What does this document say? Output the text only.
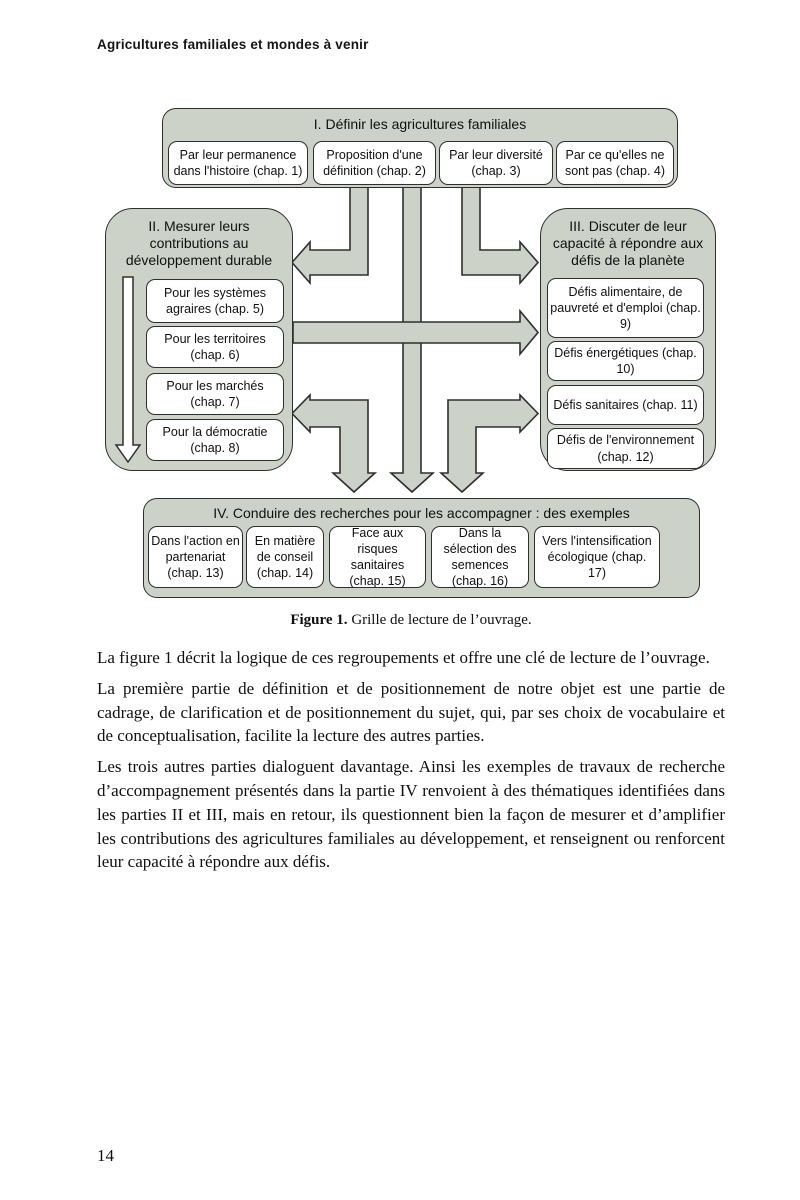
Agricultures familiales et mondes à venir
I. Définir les agricultures familiales
Par leur permanence dans l'histoire (chap. 1)
Proposition d'une définition (chap. 2)
Par leur diversité (chap. 3)
Par ce qu'elles ne sont pas (chap. 4)
II. Mesurer leurs contributions au développement durable
Pour les systèmes agraires (chap. 5)
Pour les territoires (chap. 6)
Pour les marchés (chap. 7)
Pour la démocratie (chap. 8)
III. Discuter de leur capacité à répondre aux défis de la planète
Défis alimentaire, de pauvreté et d'emploi (chap. 9)
Défis énergétiques (chap. 10)
Défis sanitaires (chap. 11)
Défis de l'environnement (chap. 12)
IV. Conduire des recherches pour les accompagner : des exemples
Dans l'action en partenariat (chap. 13)
En matière de conseil (chap. 14)
Face aux risques sanitaires (chap. 15)
Dans la sélection des semences (chap. 16)
Vers l'intensification écologique (chap. 17)
Figure 1. Grille de lecture de l’ouvrage.

La figure 1 décrit la logique de ces regroupements et offre une clé de lecture de l’ouvrage.

La première partie de définition et de positionnement de notre objet est une partie de cadrage, de clarification et de positionnement du sujet, qui, par ses choix de vocabulaire et de conceptualisation, facilite la lecture des autres parties.

Les trois autres parties dialoguent davantage. Ainsi les exemples de travaux de recherche d’accompagnement présentés dans la partie IV renvoient à des thématiques identifiées dans les parties II et III, mais en retour, ils questionnent bien la façon de mesurer et d’amplifier les contributions des agricultures familiales au développement, et renseignent ou renforcent leur capacité à répondre aux défis.

14
